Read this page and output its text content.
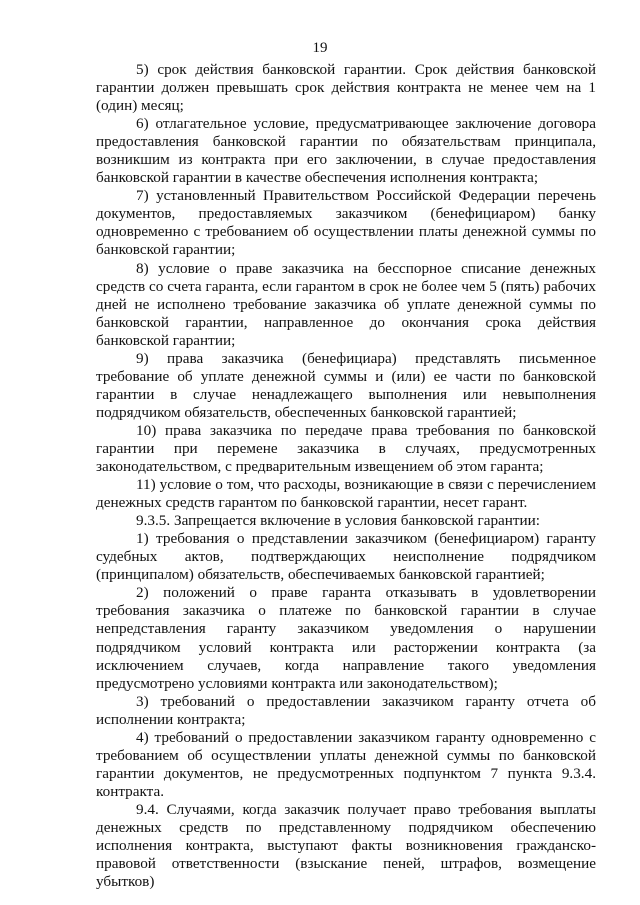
19

5) срок действия банковской гарантии. Срок действия банковской гарантии должен превышать срок действия контракта не менее чем на 1 (один) месяц;

6) отлагательное условие, предусматривающее заключение договора предоставления банковской гарантии по обязательствам принципала, возникшим из контракта при его заключении, в случае предоставления банковской гарантии в качестве обеспечения исполнения контракта;

7) установленный Правительством Российской Федерации перечень документов, предоставляемых заказчиком (бенефициаром) банку одновременно с требованием об осуществлении платы денежной суммы по банковской гарантии;

8) условие о праве заказчика на бесспорное списание денежных средств со счета гаранта, если гарантом в срок не более чем 5 (пять) рабочих дней не исполнено требование заказчика об уплате денежной суммы по банковской гарантии, направленное до окончания срока действия банковской гарантии;

9) права заказчика (бенефициара) представлять письменное требование об уплате денежной суммы и (или) ее части по банковской гарантии в случае ненадлежащего выполнения или невыполнения подрядчиком обязательств, обеспеченных банковской гарантией;

10) права заказчика по передаче права требования по банковской гарантии при перемене заказчика в случаях, предусмотренных законодательством, с предварительным извещением об этом гаранта;

11) условие о том, что расходы, возникающие в связи с перечислением денежных средств гарантом по банковской гарантии, несет гарант.

9.3.5. Запрещается включение в условия банковской гарантии:

1) требования о представлении заказчиком (бенефициаром) гаранту судебных актов, подтверждающих неисполнение подрядчиком (принципалом) обязательств, обеспечиваемых банковской гарантией;

2) положений о праве гаранта отказывать в удовлетворении требования заказчика о платеже по банковской гарантии в случае непредставления гаранту заказчиком уведомления о нарушении подрядчиком условий контракта или расторжении контракта (за исключением случаев, когда направление такого уведомления предусмотрено условиями контракта или законодательством);

3) требований о предоставлении заказчиком гаранту отчета об исполнении контракта;

4) требований о предоставлении заказчиком гаранту одновременно с требованием об осуществлении уплаты денежной суммы по банковской гарантии документов, не предусмотренных подпунктом 7 пункта 9.3.4. контракта.

9.4. Случаями, когда заказчик получает право требования выплаты денежных средств по представленному подрядчиком обеспечению исполнения контракта, выступают факты возникновения гражданско-правовой ответственности (взыскание пеней, штрафов, возмещение убытков)
